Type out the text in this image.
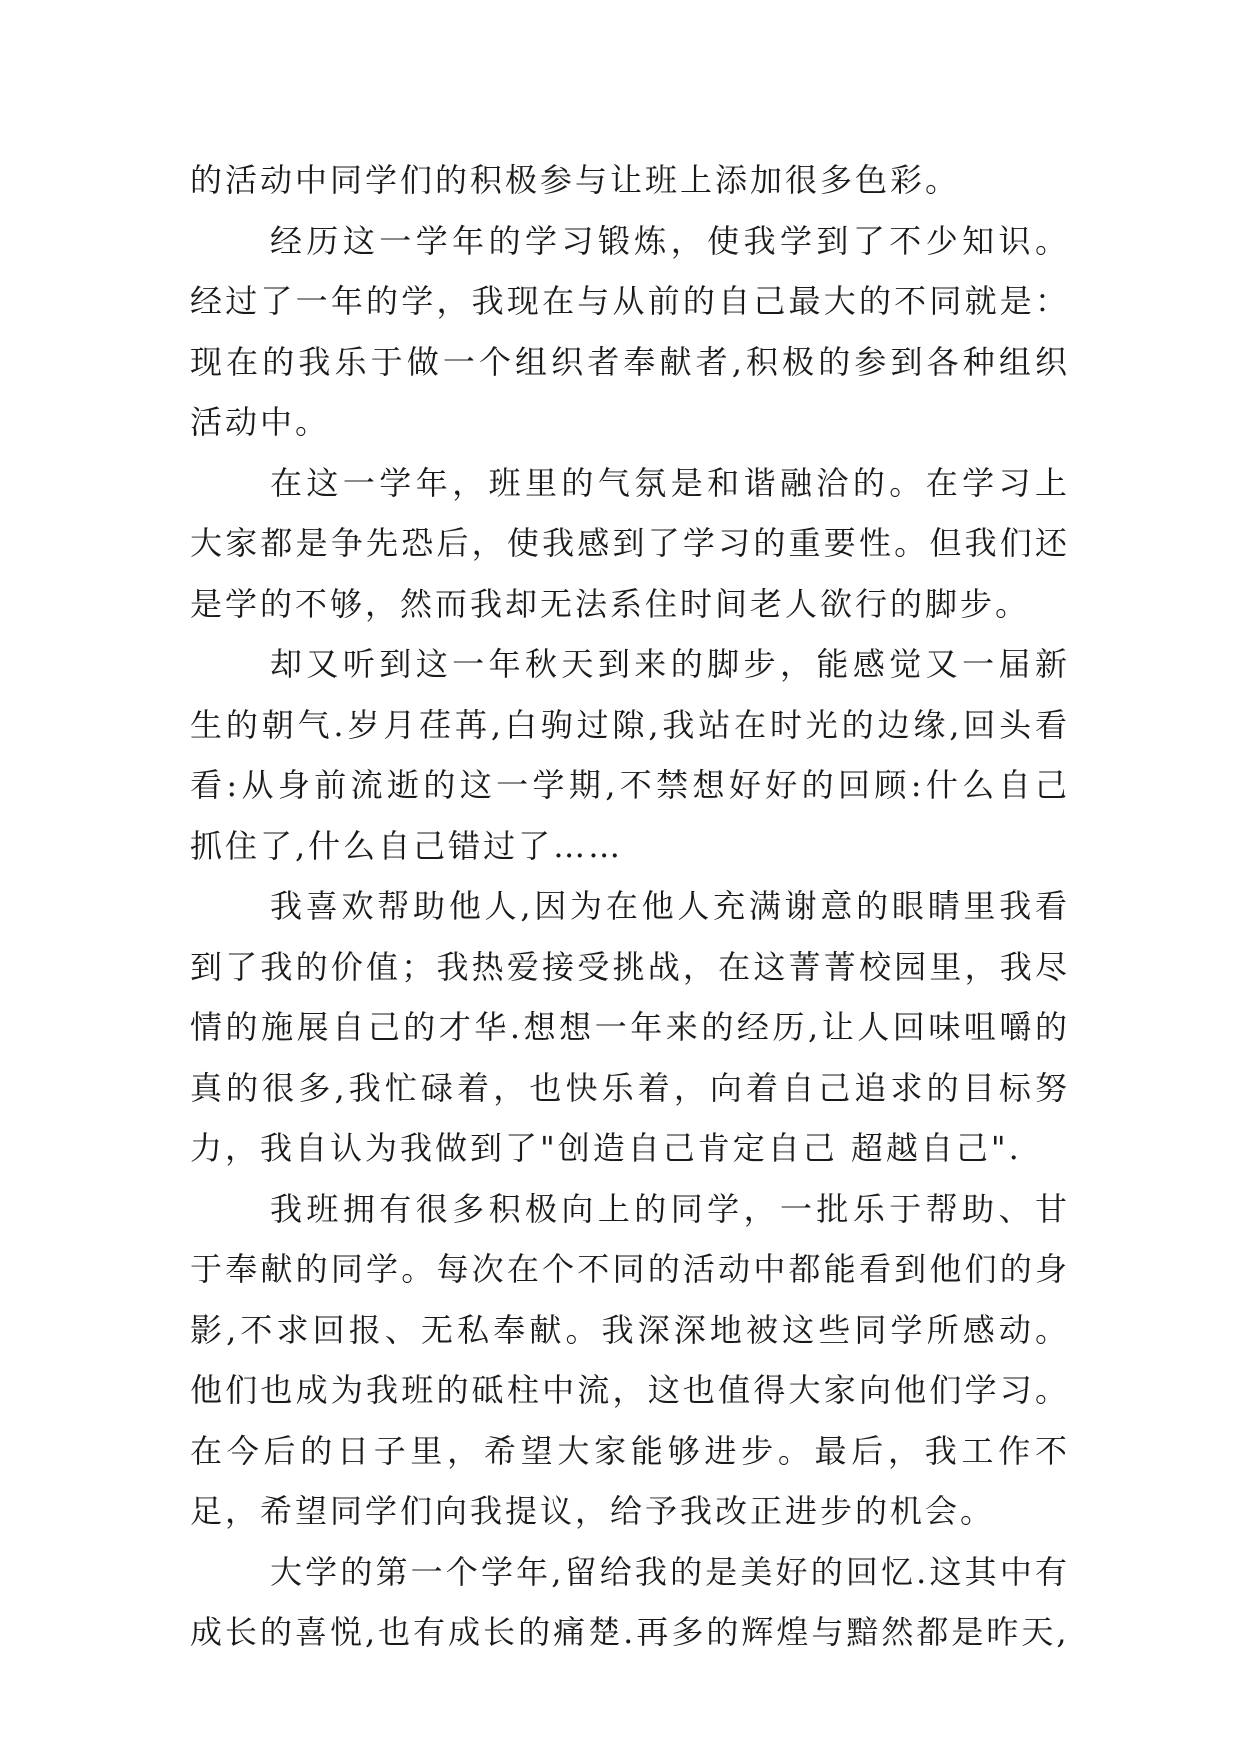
的活动中同学们的积极参与让班上添加很多色彩。

经历这一学年的学习锻炼，使我学到了不少知识。经过了一年的学，我现在与从前的自己最大的不同就是：现在的我乐于做一个组织者奉献者,积极的参到各种组织活动中。

在这一学年，班里的气氛是和谐融洽的。在学习上大家都是争先恐后，使我感到了学习的重要性。但我们还是学的不够，然而我却无法系住时间老人欲行的脚步。

却又听到这一年秋天到来的脚步，能感觉又一届新生的朝气.岁月荏苒,白驹过隙,我站在时光的边缘,回头看看:从身前流逝的这一学期,不禁想好好的回顾:什么自己抓住了,什么自己错过了……

我喜欢帮助他人,因为在他人充满谢意的眼睛里我看到了我的价值；我热爱接受挑战，在这菁菁校园里，我尽情的施展自己的才华.想想一年来的经历,让人回味咀嚼的真的很多,我忙碌着，也快乐着，向着自己追求的目标努力，我自认为我做到了"创造自己肯定自己 超越自己".

我班拥有很多积极向上的同学，一批乐于帮助、甘于奉献的同学。每次在个不同的活动中都能看到他们的身影,不求回报、无私奉献。我深深地被这些同学所感动。他们也成为我班的砥柱中流，这也值得大家向他们学习。在今后的日子里，希望大家能够进步。最后，我工作不足，希望同学们向我提议，给予我改正进步的机会。

大学的第一个学年,留给我的是美好的回忆.这其中有成长的喜悦,也有成长的痛楚.再多的辉煌与黯然都是昨天,
